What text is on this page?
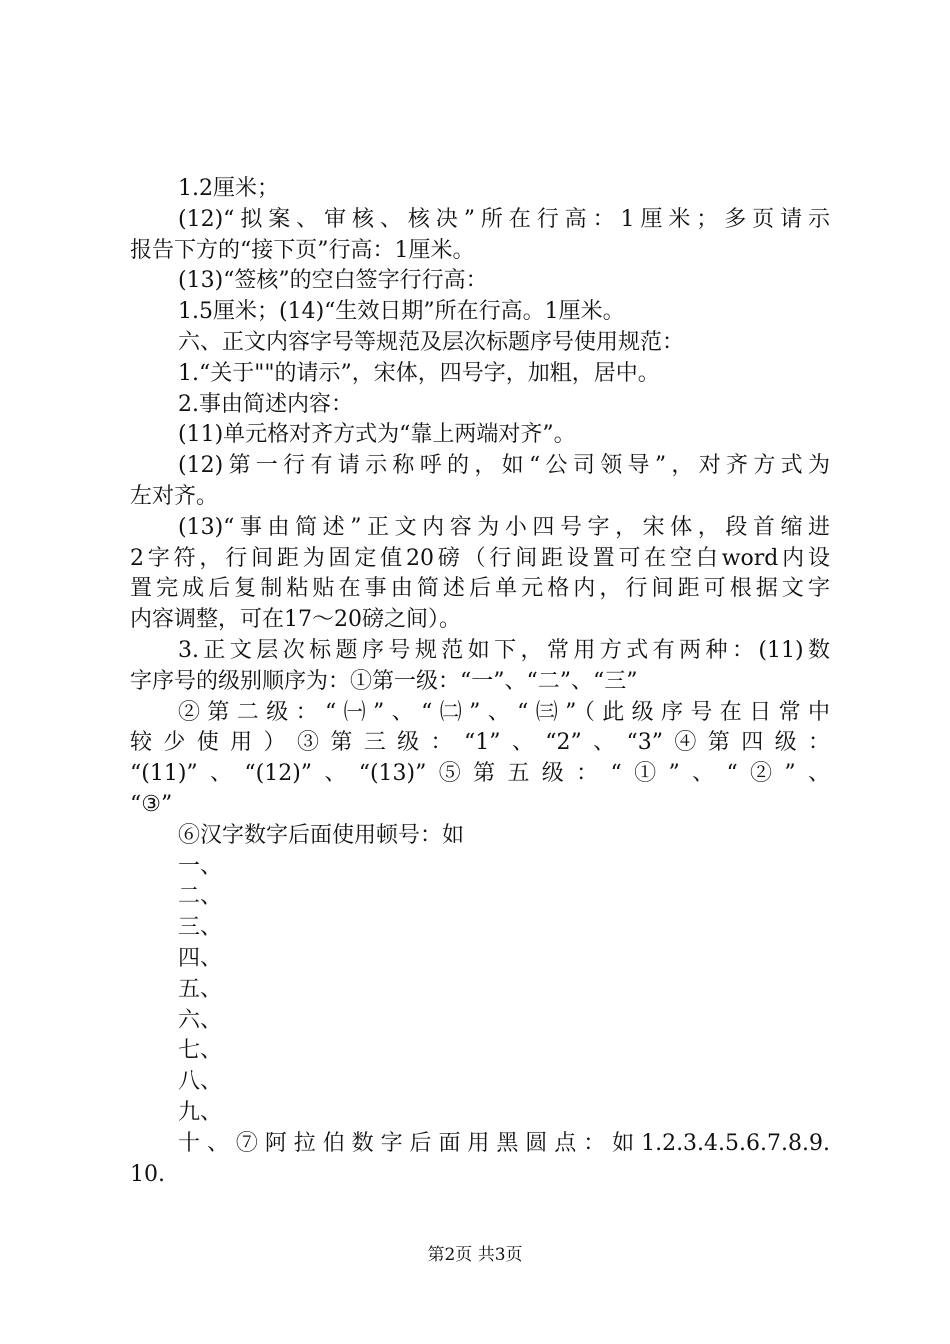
1.2厘米；
(12)“拟案、审核、核决”所在行高：1厘米；多页请示
报告下方的“接下页”行高：1厘米。
(13)“签核”的空白签字行行高：
1.5厘米；(14)“生效日期”所在行高。1厘米。
六、正文内容字号等规范及层次标题序号使用规范：
1.“关于""的请示”，宋体，四号字，加粗，居中。
2.事由简述内容：
(11)单元格对齐方式为“靠上两端对齐”。
(12)第一行有请示称呼的，如“公司领导”，对齐方式为
左对齐。
(13)“事由简述”正文内容为小四号字，宋体，段首缩进
2字符，行间距为固定值20磅（行间距设置可在空白word内设
置完成后复制粘贴在事由简述后单元格内，行间距可根据文字
内容调整，可在17～20磅之间）。
3.正文层次标题序号规范如下，常用方式有两种：(11)数
字序号的级别顺序为：①第一级：“一”、“二”、“三”
②第二级：“㈠”、“㈡”、“㈢”（此级序号在日常中
较少使用）③第三级：“1”、“2”、“3”④第四级：
“(11)”、“(12)”、“(13)”⑤第五级：“①”、“②”、
“③”
⑥汉字数字后面使用顿号：如
一、
二、
三、
四、
五、
六、
七、
八、
九、
十、⑦阿拉伯数字后面用黑圆点：如1.2.3.4.5.6.7.8.9.
10.
第2页 共3页
